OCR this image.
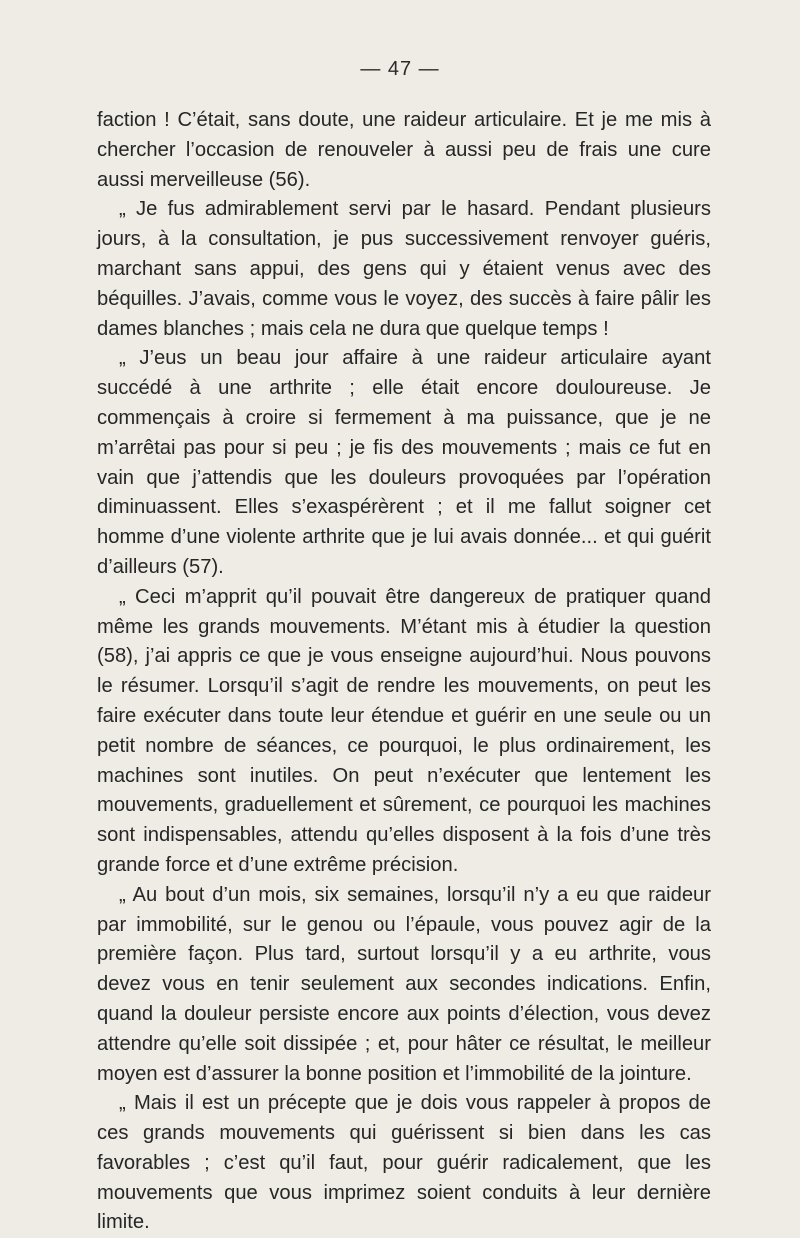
— 47 —

faction ! C’était, sans doute, une raideur articulaire. Et je me mis à chercher l’occasion de renouveler à aussi peu de frais une cure aussi merveilleuse (56).

„ Je fus admirablement servi par le hasard. Pendant plusieurs jours, à la consultation, je pus successivement renvoyer guéris, marchant sans appui, des gens qui y étaient venus avec des béquilles. J’avais, comme vous le voyez, des succès à faire pâlir les dames blanches ; mais cela ne dura que quelque temps !

„ J’eus un beau jour affaire à une raideur articulaire ayant succédé à une arthrite ; elle était encore douloureuse. Je commençais à croire si fermement à ma puissance, que je ne m’arrêtai pas pour si peu ; je fis des mouvements ; mais ce fut en vain que j’attendis que les douleurs provoquées par l’opération diminuassent. Elles s’exaspérèrent ; et il me fallut soigner cet homme d’une violente arthrite que je lui avais donnée... et qui guérit d’ailleurs (57).

„ Ceci m’apprit qu’il pouvait être dangereux de pratiquer quand même les grands mouvements. M’étant mis à étudier la question (58), j’ai appris ce que je vous enseigne aujourd’hui. Nous pouvons le résumer. Lorsqu’il s’agit de rendre les mouvements, on peut les faire exécuter dans toute leur étendue et guérir en une seule ou un petit nombre de séances, ce pourquoi, le plus ordinairement, les machines sont inutiles. On peut n’exécuter que lentement les mouvements, graduellement et sûrement, ce pourquoi les machines sont indispensables, attendu qu’elles disposent à la fois d’une très grande force et d’une extrême précision.

„ Au bout d’un mois, six semaines, lorsqu’il n’y a eu que raideur par immobilité, sur le genou ou l’épaule, vous pouvez agir de la première façon. Plus tard, surtout lorsqu’il y a eu arthrite, vous devez vous en tenir seulement aux secondes indications. Enfin, quand la douleur persiste encore aux points d’élection, vous devez attendre qu’elle soit dissipée ; et, pour hâter ce résultat, le meilleur moyen est d’assurer la bonne position et l’immobilité de la jointure.

„ Mais il est un précepte que je dois vous rappeler à propos de ces grands mouvements qui guérissent si bien dans les cas favorables ; c’est qu’il faut, pour guérir radicalement, que les mouvements que vous imprimez soient conduits à leur dernière limite.
